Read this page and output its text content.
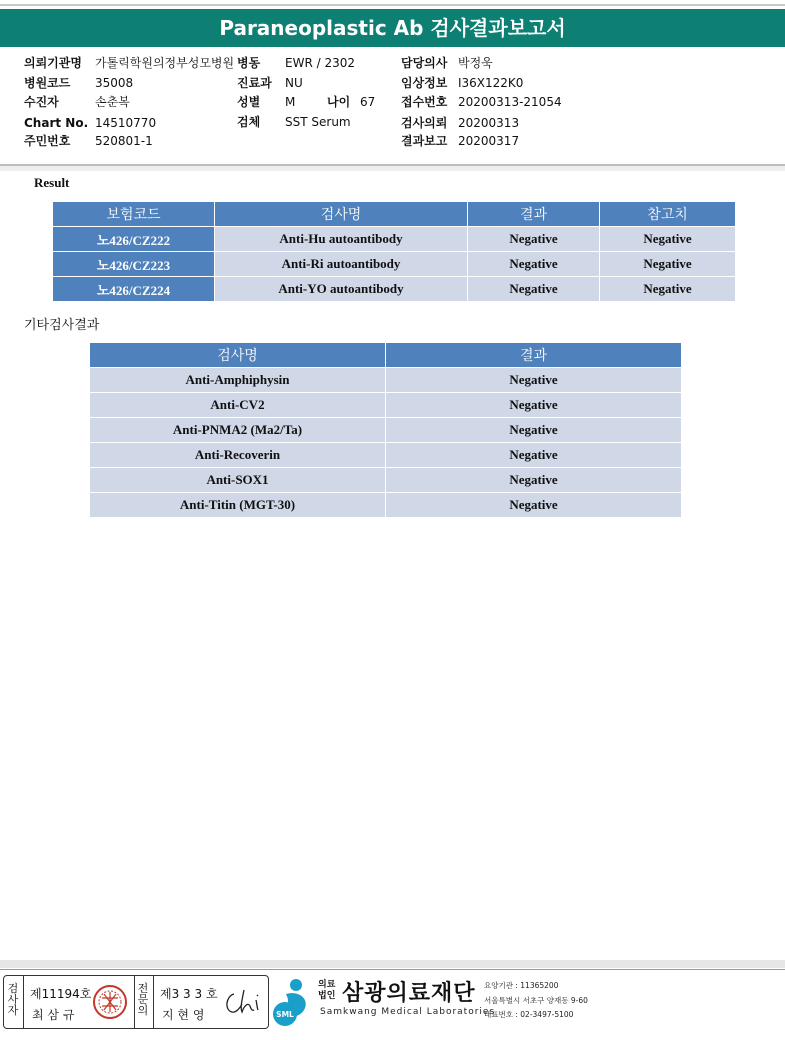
Paraneoplastic Ab 검사결과보고서
의뢰기관명 가톨릭학원의정부성모병원 병동 EWR / 2302	담당의사 박정욱
병원코드 35008	진료과 NU	임상정보 I36X122K0
수진자	손춘복	성별 M	나이 67 접수번호 20200313-21054
Chart No. 14510770	검체 SST Serum	검사의뢰 20200313
주민번호 520801-1	결과보고 20200317
Result
보험코드	검사명	결과	참고치
노426/CZ222	Anti-Hu autoantibody	Negative	Negative
노426/CZ223	Anti-Ri autoantibody	Negative	Negative
노426/CZ224	Anti-YO autoantibody	Negative	Negative
기타검사결과
검사명	결과
Anti-Amphiphysin	Negative
Anti-CV2	Negative
Anti-PNMA2 (Ma2/Ta)	Negative
Anti-Recoverin	Negative
Anti-SOX1	Negative
Anti-Titin (MGT-30)	Negative
검
사
자
제11194호
최 삼 규
전
문
의
제3 3 3 호
지 현 영	SML
의료
법인 삼광의료재단
Samkwang Medical Laboratories
요양기관 : 11365200
서울특별시 서초구 양재동 9-60
대표번호 : 02-3497-5100
